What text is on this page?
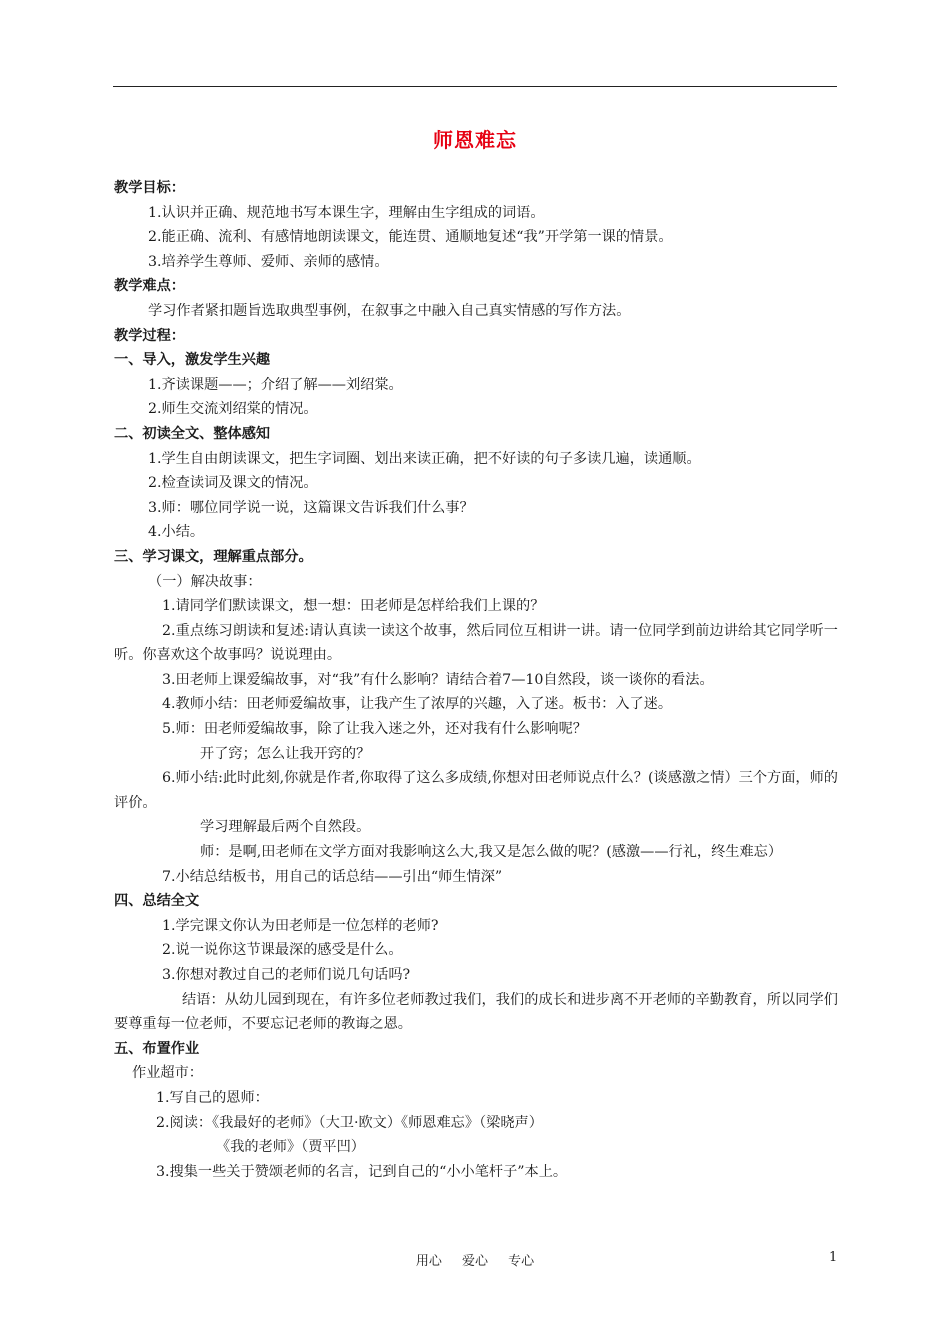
师恩难忘
教学目标：
1.认识并正确、规范地书写本课生字，理解由生字组成的词语。
2.能正确、流利、有感情地朗读课文，能连贯、通顺地复述“我”开学第一课的情景。
3.培养学生尊师、爱师、亲师的感情。
教学难点：
学习作者紧扣题旨选取典型事例，在叙事之中融入自己真实情感的写作方法。
教学过程：
一、导入，激发学生兴趣
1.齐读课题——；介绍了解——刘绍棠。
2.师生交流刘绍棠的情况。
二、初读全文、整体感知
1.学生自由朗读课文，把生字词圈、划出来读正确，把不好读的句子多读几遍，读通顺。
2.检查读词及课文的情况。
3.师：哪位同学说一说，这篇课文告诉我们什么事？
4.小结。
三、学习课文，理解重点部分。
（一）解决故事：
1.请同学们默读课文，想一想：田老师是怎样给我们上课的？
2.重点练习朗读和复述:请认真读一读这个故事，然后同位互相讲一讲。请一位同学到前边讲给其它同学听一听。你喜欢这个故事吗？说说理由。
3.田老师上课爱编故事，对“我”有什么影响？请结合着7—10自然段，谈一谈你的看法。
4.教师小结：田老师爱编故事，让我产生了浓厚的兴趣，入了迷。板书：入了迷。
5.师：田老师爱编故事，除了让我入迷之外，还对我有什么影响呢？
开了窍；怎么让我开窍的？
6.师小结:此时此刻,你就是作者,你取得了这么多成绩,你想对田老师说点什么？(谈感激之情）三个方面，师的评价。
学习理解最后两个自然段。
师：是啊,田老师在文学方面对我影响这么大,我又是怎么做的呢？(感激——行礼，终生难忘）
7.小结总结板书，用自己的话总结——引出“师生情深”
四、总结全文
1.学完课文你认为田老师是一位怎样的老师?
2.说一说你这节课最深的感受是什么。
3.你想对教过自己的老师们说几句话吗?
结语：从幼儿园到现在，有许多位老师教过我们，我们的成长和进步离不开老师的辛勤教育，所以同学们要尊重每一位老师，不要忘记老师的教诲之恩。
五、布置作业
作业超市：
1.写自己的恩师：
2.阅读：《我最好的老师》（大卫·欧文）《师恩难忘》（梁晓声）
《我的老师》（贾平凹）
3.搜集一些关于赞颂老师的名言，记到自己的“小小笔杆子”本上。
用心 爱心 专心	1
